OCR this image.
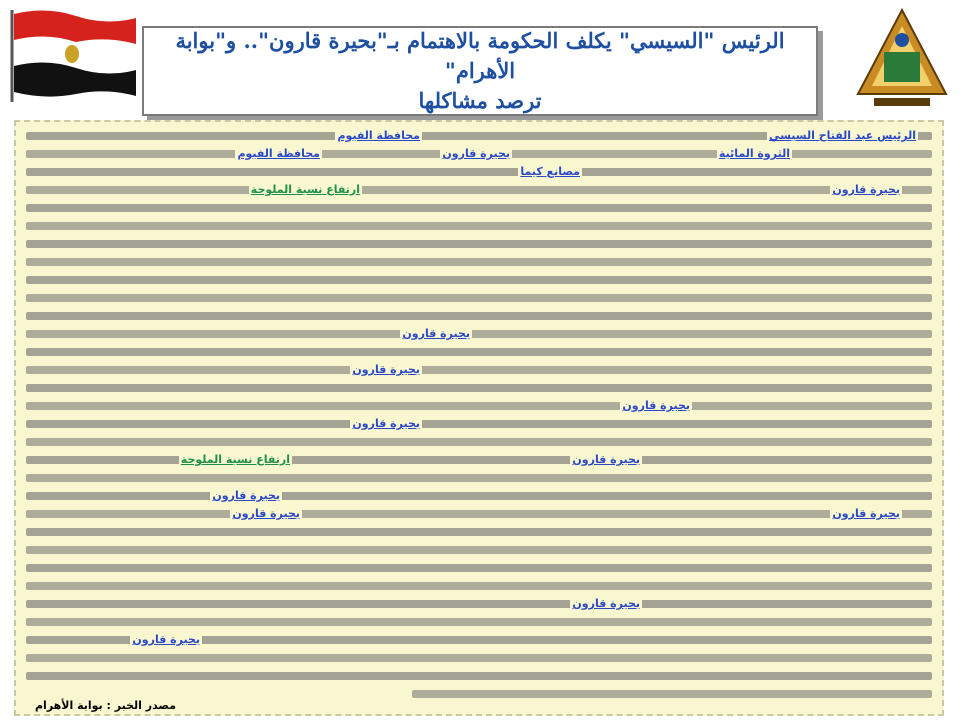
الرئيس "السيسي" يكلف الحكومة بالاهتمام بـ"بحيرة قارون".. و"بوابة الأهرام"
ترصد مشاكلها
الرئيس عبد الفتاح السيسي
محافظة الفيوم
الثروة المائية
بحيرة قارون
محافظة الفيوم
مصانع كيما
بحيرة قارون
ارتفاع نسبة الملوحة
بحيرة قارون
بحيرة قارون
بحيرة قارون
بحيرة قارون
بحيرة قارون
ارتفاع نسبة الملوحة
بحيرة قارون
بحيرة قارون
بحيرة قارون
بحيرة قارون
بحيرة قارون
مصدر الخبر : بوابة الأهرام
